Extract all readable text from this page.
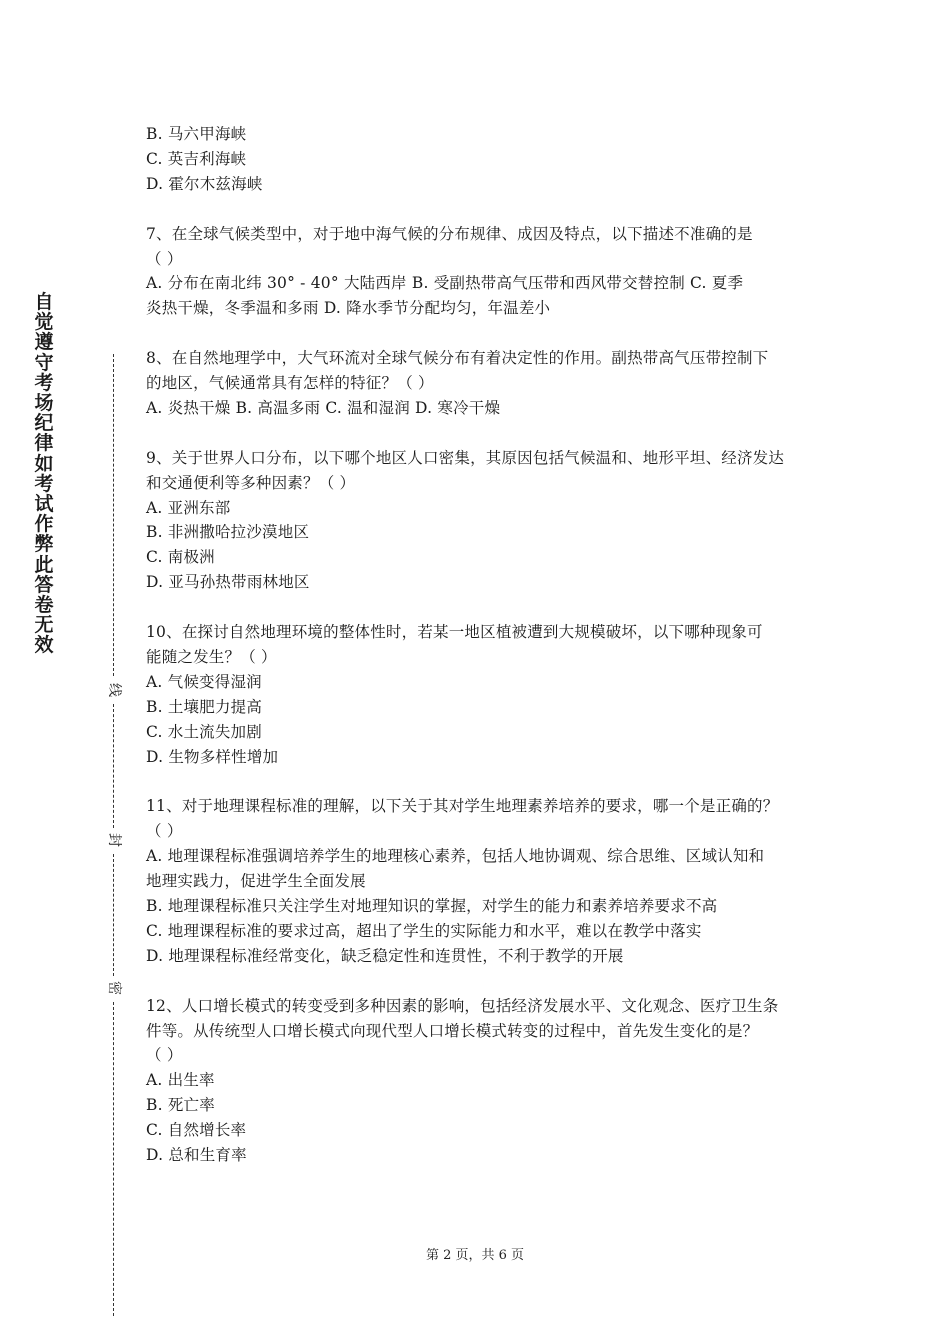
自
觉
遵
守
考
场
纪
律
如
考
试
作
弊
此
答
卷
无
效
线
封
密
B. 马六甲海峡
C. 英吉利海峡
D. 霍尔木兹海峡
7、在全球气候类型中，对于地中海气候的分布规律、成因及特点，以下描述不准确的是
（ ）
A. 分布在南北纬 30° - 40° 大陆西岸 B. 受副热带高气压带和西风带交替控制 C. 夏季
炎热干燥，冬季温和多雨 D. 降水季节分配均匀，年温差小
8、在自然地理学中，大气环流对全球气候分布有着决定性的作用。副热带高气压带控制下
的地区，气候通常具有怎样的特征？（ ）
A. 炎热干燥 B. 高温多雨 C. 温和湿润 D. 寒冷干燥
9、关于世界人口分布，以下哪个地区人口密集，其原因包括气候温和、地形平坦、经济发达
和交通便利等多种因素？（ ）
A. 亚洲东部
B. 非洲撒哈拉沙漠地区
C. 南极洲
D. 亚马孙热带雨林地区
10、在探讨自然地理环境的整体性时，若某一地区植被遭到大规模破坏，以下哪种现象可
能随之发生？（ ）
A. 气候变得湿润
B. 土壤肥力提高
C. 水土流失加剧
D. 生物多样性增加
11、对于地理课程标准的理解，以下关于其对学生地理素养培养的要求，哪一个是正确的？
（ ）
A. 地理课程标准强调培养学生的地理核心素养，包括人地协调观、综合思维、区域认知和
地理实践力，促进学生全面发展
B. 地理课程标准只关注学生对地理知识的掌握，对学生的能力和素养培养要求不高
C. 地理课程标准的要求过高，超出了学生的实际能力和水平，难以在教学中落实
D. 地理课程标准经常变化，缺乏稳定性和连贯性，不利于教学的开展
12、人口增长模式的转变受到多种因素的影响，包括经济发展水平、文化观念、医疗卫生条
件等。从传统型人口增长模式向现代型人口增长模式转变的过程中，首先发生变化的是？
（ ）
A. 出生率
B. 死亡率
C. 自然增长率
D. 总和生育率
第 2 页，共 6 页
